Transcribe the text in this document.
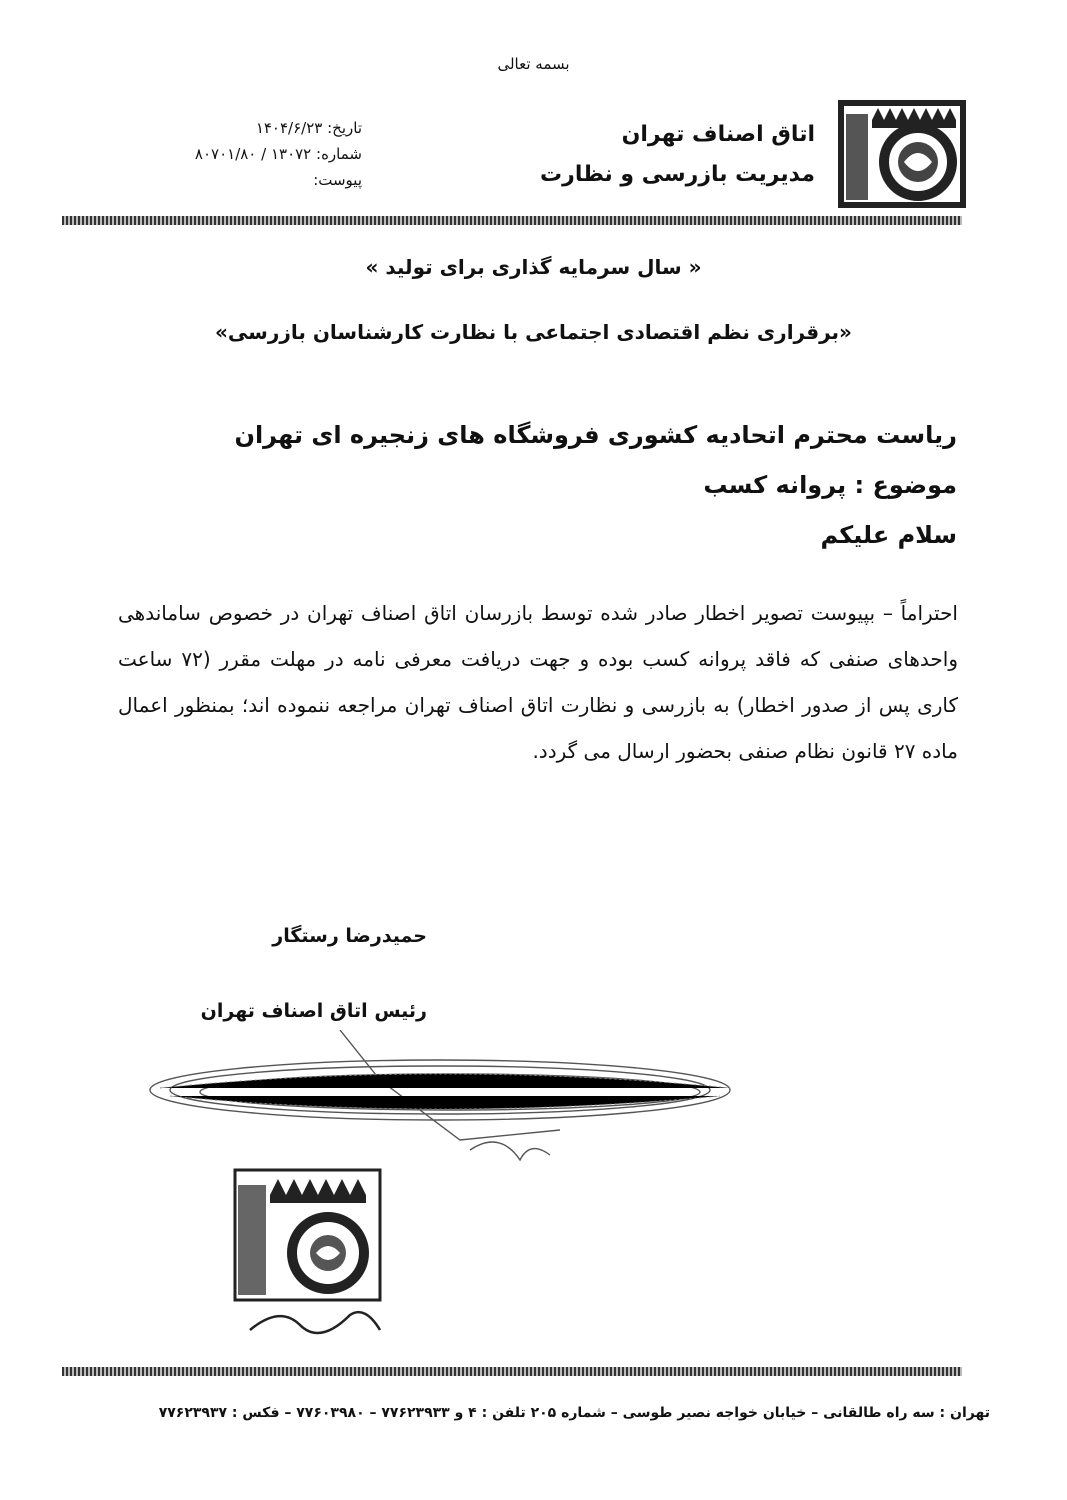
بسمه تعالی
اتاق اصناف تهران
مدیریت بازرسی و نظارت
تاریخ: ۱۴۰۴/۶/۲۳
شماره: ۱۳۰۷۲ / ۸۰۷۰۱/۸۰
پیوست:
« سال سرمایه گذاری برای تولید »
«برقراری نظم اقتصادی اجتماعی با نظارت کارشناسان بازرسی»
ریاست محترم اتحادیه کشوری فروشگاه های زنجیره ای تهران
موضوع : پروانه کسب
سلام علیکم
احتراماً – بپیوست تصویر اخطار صادر شده توسط بازرسان اتاق اصناف تهران در خصوص ساماندهی واحدهای صنفی که فاقد پروانه کسب بوده و جهت دریافت معرفی نامه در مهلت مقرر (۷۲ ساعت کاری پس از صدور اخطار) به بازرسی و نظارت اتاق اصناف تهران مراجعه ننموده اند؛ بمنظور اعمال ماده ۲۷ قانون نظام صنفی بحضور ارسال می گردد.
حمیدرضا رستگار
رئیس اتاق اصناف تهران
تهران : سه راه طالقانی – خیابان خواجه نصیر طوسی – شماره ۲۰۵ تلفن : ۴ و ۷۷۶۲۳۹۳۳ – ۷۷۶۰۳۹۸۰ – فکس : ۷۷۶۲۳۹۳۷
